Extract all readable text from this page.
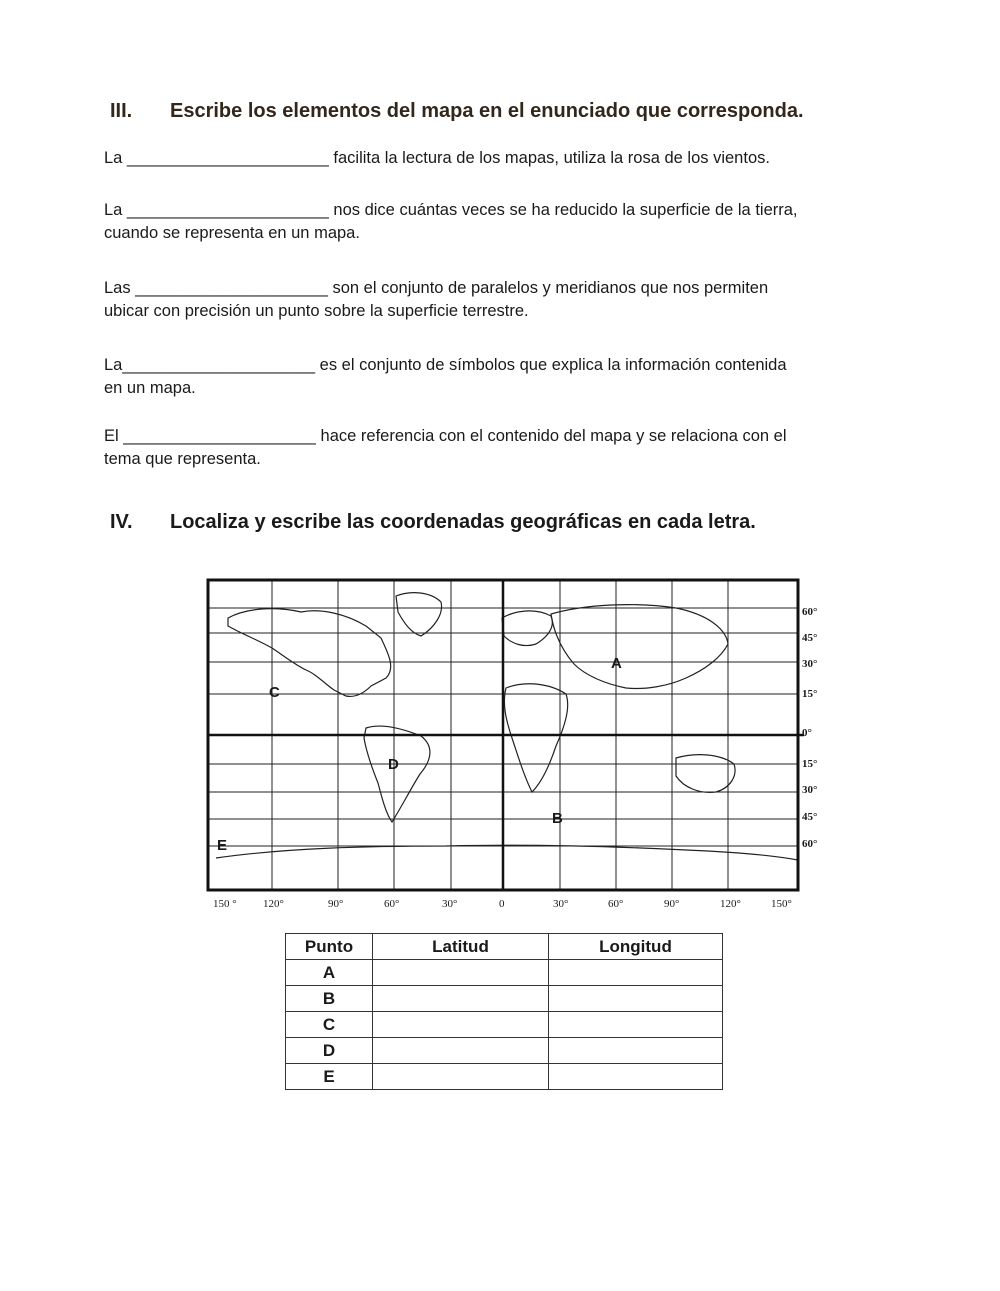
III.	Escribe los elementos del mapa en el enunciado que corresponda.
La ______________________ facilita la lectura de los mapas, utiliza la rosa de los vientos.
La ______________________ nos dice cuántas veces se ha reducido la superficie de la tierra,
cuando se representa en un mapa.
Las _____________________ son el conjunto de paralelos y meridianos que nos permiten
ubicar con precisión un punto sobre la superficie terrestre.
La_____________________ es el conjunto de símbolos que explica la información contenida
en un mapa.
El _____________________ hace referencia con el contenido del mapa y se relaciona con el
tema que representa.
IV.	Localiza y escribe las coordenadas geográficas en cada letra.
A
B
C
D
E
60°
45°
30°
15°
0°
15°
30°
45°
60°
150 ° 120°	90°	60°	30°	0	30°	60°	90°	120°	150°
Punto	Latitud	Longitud
A		
B		
C		
D		
E		
